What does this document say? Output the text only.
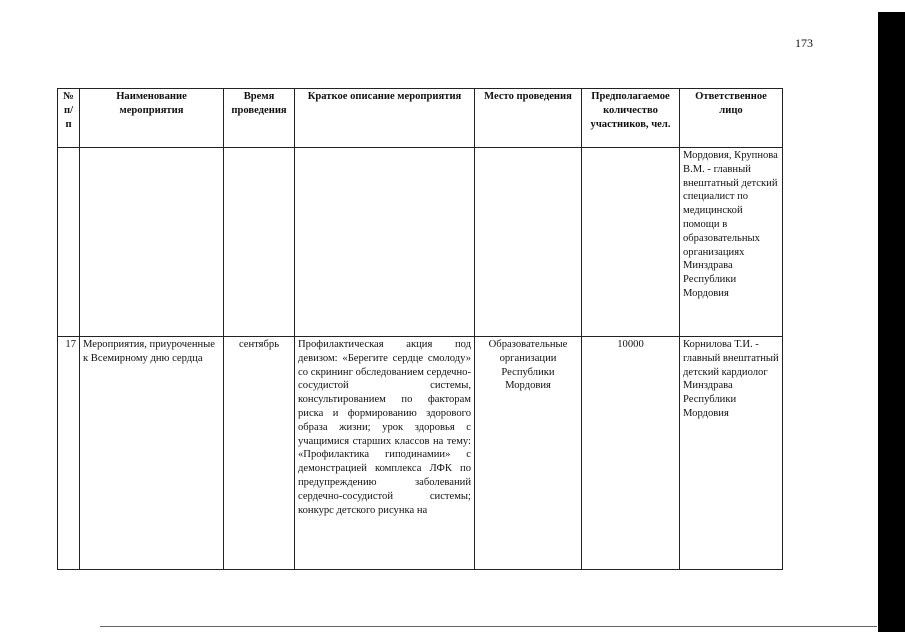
173
№ п/п	Наименование мероприятия	Время проведения	Краткое описание мероприятия	Место проведения	Предполагаемое количество участников, чел.	Ответственное лицо
						Мордовия, Крупнова В.М. - главный внештатный детский специалист по медицинской помощи в образовательных организациях Минздрава Республики Мордовия
17	Мероприятия, приуроченные к Всемирному дню сердца	сентябрь	Профилактическая акция под девизом: «Берегите сердце смолоду» со скрининг обследованием сердечно-сосудистой системы, консультированием по факторам риска и формированию здорового образа жизни; урок здоровья с учащимися старших классов на тему: «Профилактика гиподинамии» с демонстрацией комплекса ЛФК по предупреждению заболеваний сердечно-сосудистой системы; конкурс детского рисунка на	Образовательные организации Республики Мордовия	10000	Корнилова Т.И. - главный внештатный детский кардиолог Минздрава Республики Мордовия
